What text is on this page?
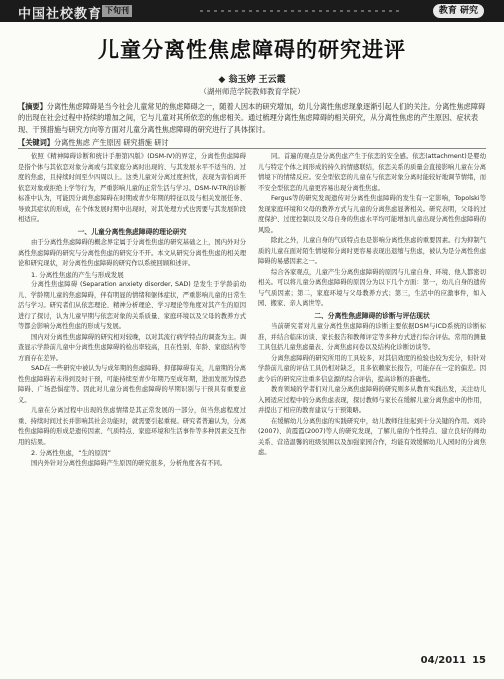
中国社校教育 下旬刊	教育 研究
儿童分离性焦虑障碍的研究进评
◆ 翁玉婷 王云霞
（湖州师范学院教师教育学院）
【摘要】分离性焦虑障碍是当今社会儿童常见的焦虑障碍之一，随着人因本的研究增加，幼儿分离性焦虑现象逐渐引起人们的关注。分离性焦虑障碍的出现在社会过程中持续的增加之间，它与儿童对其所依恋的焦虑相关。通过梳理分离性焦虑障碍的相关研究，从分离性焦虑的产生原因、症状表现、干预措施与研究方向等方面对儿童分离性焦虑障碍的研究进行了具体探讨。
【关键词】分离性焦虑 产生原因 研究措施 研讨

依照《精神障碍诊断和统计手册第四版》(DSM-IV)的界定，分离性焦虑障碍是指个体与其依恋对象分离或与其家庭分离时出现的、与其发展水平不适当的、过度的焦虑，且持续时间至少四周以上。这类儿童对分离过度担忧，表现为害怕离开依恋对象或拒绝上学等行为，严重影响儿童的正常生活与学习。DSM-IV-TR的诊断标准中认为，可能因分离焦虑障碍在时期或青少年期的特征以及与相关发展任务、导致其症状的形成，在个体发展时期中出现时，对其处理方式也需要与其发展阶段相适应。

一、儿童分离性焦虑障碍的理论研究

由于分离性焦虑障碍的概念界定属于分离性焦虑的研究基础之上，国内外对分离性焦虑障碍的研究与分离性焦虑的研究分不开。本文从研究分离性焦虑的相关理论和研究现状，对分离性焦虑障碍的研究作以系统回顾和述评。

1. 分离性焦虑的产生与形成发展

分离性焦虑障碍 (Separation anxiety disorder, SAD) 是发生于学龄前幼儿、学龄期儿童的焦虑障碍，伴有明显的情绪和躯体症状，严重影响儿童的日常生活与学习。研究者们从依恋理论、精神分析理论、学习理论等角度对其产生的原因进行了探讨，认为儿童早期与依恋对象的关系质量、家庭环境以及父母的教养方式等都会影响分离性焦虑的形成与发展。

国内对分离性焦虑障碍的研究相对较晚，以对其流行病学特点的调查为主。调查显示学龄前儿童中分离性焦虑障碍的检出率较高，且在性别、年龄、家庭结构等方面存在差异。

SAD在一些研究中被认为与成年期的焦虑障碍、抑郁障碍有关，儿童期的分离性焦虑障碍若未得到及时干预，可能持续至青少年期乃至成年期，进而发展为惊恐障碍、广场恐惧症等。因此对儿童分离性焦虑障碍的早期识别与干预具有重要意义。

儿童在分离过程中出现的焦虑情绪是其正常发展的一部分，但当焦虑程度过重、持续时间过长并影响其社会功能时，就需要引起重视。研究者普遍认为，分离性焦虑障碍的形成是遗传因素、气质特点、家庭环境和生活事件等多种因素交互作用的结果。

2. 分离性焦虑，“生的原因”

国内外针对分离性焦虑障碍产生原因的研究很多，分析角度各有不同。

同。首遍的观点是分离焦虑产生于依恋的安全感。依恋(attachment)是婴幼儿与特定个体之间形成的持久的情感联结，依恋关系的质量会直接影响儿童在分离情境下的情绪反应。安全型依恋的儿童在与依恋对象分离时能较好地调节情绪，而不安全型依恋的儿童更容易出现分离性焦虑。

Fergus等的研究发现遗传对分离性焦虑障碍的发生有一定影响，Topolski等发现家庭环境和父母的教养方式与儿童的分离焦虑显著相关。研究表明，父母的过度保护、过度控制以及父母自身的焦虑水平均可能增加儿童出现分离性焦虑障碍的风险。

除此之外，儿童自身的气质特点也是影响分离性焦虑的重要因素。行为抑制气质的儿童在面对陌生情境和分离时更容易表现出退缩与焦虑，被认为是分离性焦虑障碍的易感因素之一。

综合各家观点，儿童产生分离焦虑障碍的原因与儿童自身、环境、他人都密切相关。可以将儿童分离焦虑障碍的原因分为以下几个方面：第一，幼儿自身的遗传与气质因素；第二，家庭环境与父母教养方式；第三，生活中的应激事件，如入园、搬家、亲人离世等。

二、分离性焦虑障碍的诊断与评估现状

当前研究者对儿童分离性焦虑障碍的诊断主要依据DSM与ICD系统的诊断标准，并结合临床访谈、家长报告和教师评定等多种方式进行综合评估。常用的测量工具包括儿童焦虑量表、分离焦虑问卷以及结构化诊断访谈等。

分离焦虑障碍的研究所用的工具较多，对其信效度的检验也较为充分，但针对学龄前儿童的评估工具仍相对缺乏，且多依赖家长报告，可能存在一定的偏差。因此今后的研究应注重多信息源的综合评估，提高诊断的准确性。

教育领域的学者们对儿童分离焦虑障碍的研究则多从教育实践出发，关注幼儿入园适应过程中的分离焦虑表现，探讨教师与家长在缓解儿童分离焦虑中的作用，并提出了相应的教育建议与干预策略。

在缓解幼儿分离焦虑的实践研究中，幼儿教师往往起到十分关键的作用。刘玲(2007)、黄霞霞(2007)等人的研究发现，了解儿童的个性特点、建立良好的师幼关系、营造温馨的班级氛围以及加强家园合作，均能有效缓解幼儿入园时的分离焦虑。

04/2011 15
